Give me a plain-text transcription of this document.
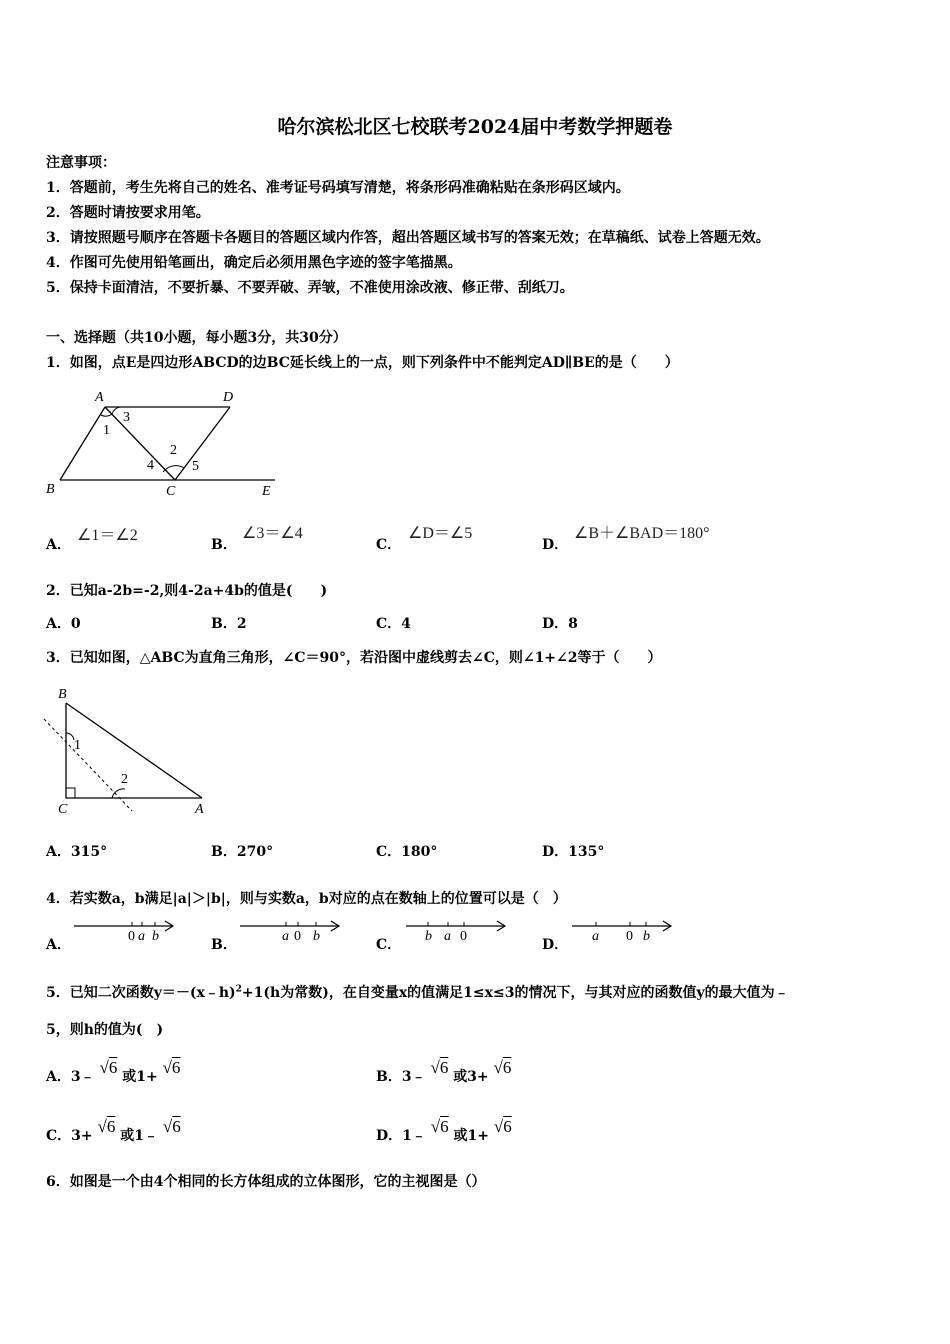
哈尔滨松北区七校联考2024届中考数学押题卷
注意事项：
1．答题前，考生先将自己的姓名、准考证号码填写清楚，将条形码准确粘贴在条形码区域内。
2．答题时请按要求用笔。
3．请按照题号顺序在答题卡各题目的答题区域内作答，超出答题区域书写的答案无效；在草稿纸、试卷上答题无效。
4．作图可先使用铅笔画出，确定后必须用黑色字迹的签字笔描黑。
5．保持卡面清洁，不要折暴、不要弄破、弄皱，不准使用涂改液、修正带、刮纸刀。
一、选择题（共10小题，每小题3分，共30分）
1．如图，点E是四边形ABCD的边BC延长线上的一点，则下列条件中不能判定AD∥BE的是（　　）
A	D
B	C	E
1
2
3
4	5
A．
∠1＝∠2
B．
∠3＝∠4
C．
∠D＝∠5
D．
∠B＋∠BAD＝180°
2．已知a-2b=-2,则4-2a+4b的值是(　　)
A．0	B．2	C．4	D．8
3．已知如图，△ABC为直角三角形，∠C＝90°，若沿图中虚线剪去∠C，则∠1+∠2等于（　　）
B
C	A
1
2
A．315°	B．270°	C．180°	D．135°
4．若实数a，b满足|a|＞|b|，则与实数a，b对应的点在数轴上的位置可以是（　）
A．
0 a b
B．
a 0 b
C．
b a 0
D．
a 0 b
5．已知二次函数y＝－(x﹣h)$^2$+1(h为常数)，在自变量x的值满足1≤x≤3的情况下，与其对应的函数值y的最大值为﹣
5，则h的值为(　)
A．3﹣ √6 或1+ √6	B．3﹣ √6 或3+ √6
C．3+ √6 或1﹣ √6	D．1﹣ √6 或1+ √6
6．如图是一个由4个相同的长方体组成的立体图形，它的主视图是（）
